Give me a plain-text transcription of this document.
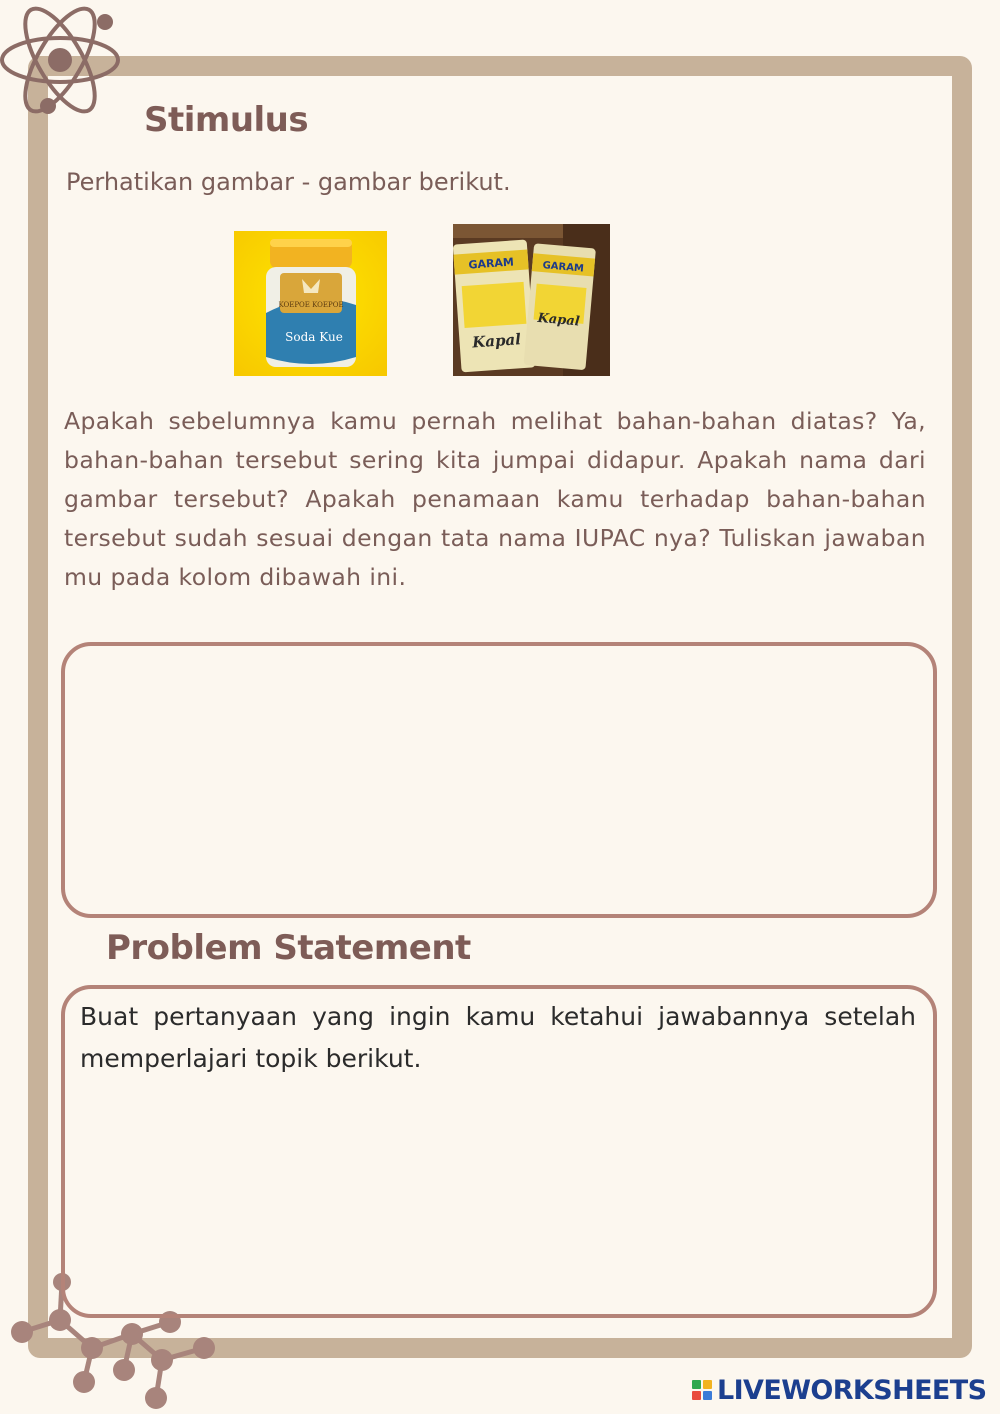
Stimulus

Perhatikan gambar - gambar berikut.

KOEPOE KOEPOE
Soda Kue
GARAM
Kapal
GARAM
Kapal

Apakah sebelumnya kamu pernah melihat bahan-bahan diatas? Ya, bahan-bahan tersebut sering kita jumpai didapur. Apakah nama dari gambar tersebut? Apakah penamaan kamu terhadap bahan-bahan tersebut sudah sesuai dengan tata nama IUPAC nya? Tuliskan jawaban mu pada kolom dibawah ini.

Problem Statement

Buat pertanyaan yang ingin kamu ketahui jawabannya setelah memperlajari topik berikut.

LIVEWORKSHEETS
